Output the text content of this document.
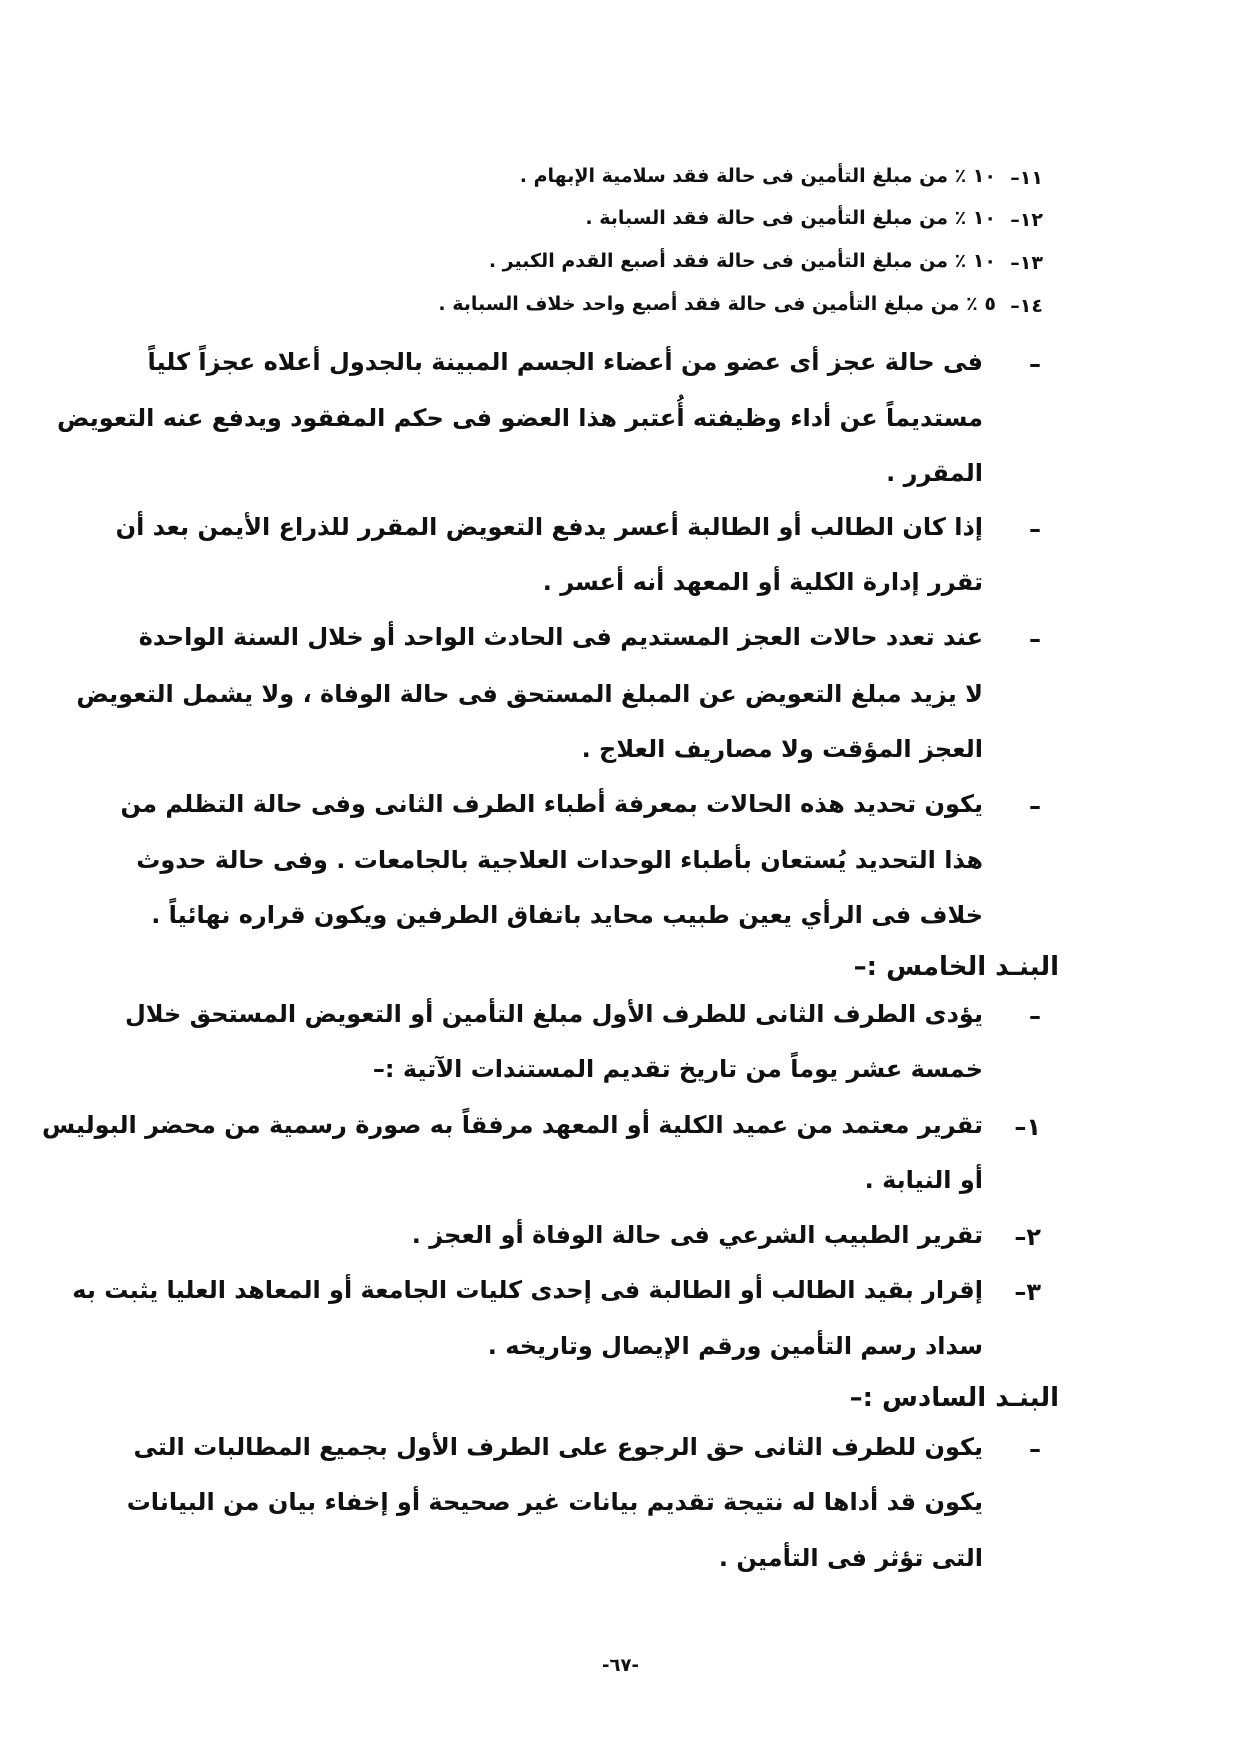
١١–
١٠ ٪ من مبلغ التأمين فى حالة فقد سلامية الإبهام .
١٢–
١٠ ٪ من مبلغ التأمين فى حالة فقد السبابة .
١٣–
١٠ ٪ من مبلغ التأمين فى حالة فقد أصبع القدم الكبير .
١٤–
٥ ٪ من مبلغ التأمين فى حالة فقد أصبع واحد خلاف السبابة .
–
فى حالة عجز أى عضو من أعضاء الجسم المبينة بالجدول أعلاه عجزاً كلياً
مستديماً عن أداء وظيفته أُعتبر هذا العضو فى حكم المفقود ويدفع عنه التعويض
المقرر .
–
إذا كان الطالب أو الطالبة أعسر يدفع التعويض المقرر للذراع الأيمن بعد أن
تقرر إدارة الكلية أو المعهد أنه أعسر .
–
عند تعدد حالات العجز المستديم فى الحادث الواحد أو خلال السنة الواحدة
لا يزيد مبلغ التعويض عن المبلغ المستحق فى حالة الوفاة ، ولا يشمل التعويض
العجز المؤقت ولا مصاريف العلاج .
–
يكون تحديد هذه الحالات بمعرفة أطباء الطرف الثانى وفى حالة التظلم من
هذا التحديد يُستعان بأطباء الوحدات العلاجية بالجامعات . وفى حالة حدوث
خلاف فى الرأي يعين طبيب محايد باتفاق الطرفين ويكون قراره نهائياً .
البنـد الخامس :–
–
يؤدى الطرف الثانى للطرف الأول مبلغ التأمين أو التعويض المستحق خلال
خمسة عشر يوماً من تاريخ تقديم المستندات الآتية :–
١–
تقرير معتمد من عميد الكلية أو المعهد مرفقاً به صورة رسمية من محضر البوليس
أو النيابة .
٢–
تقرير الطبيب الشرعي فى حالة الوفاة أو العجز .
٣–
إقرار بقيد الطالب أو الطالبة فى إحدى كليات الجامعة أو المعاهد العليا يثبت به
سداد رسم التأمين ورقم الإيصال وتاريخه .
البنـد السادس :–
–
يكون للطرف الثانى حق الرجوع على الطرف الأول بجميع المطالبات التى
يكون قد أداها له نتيجة تقديم بيانات غير صحيحة أو إخفاء بيان من البيانات
التى تؤثر فى التأمين .
-٦٧-
